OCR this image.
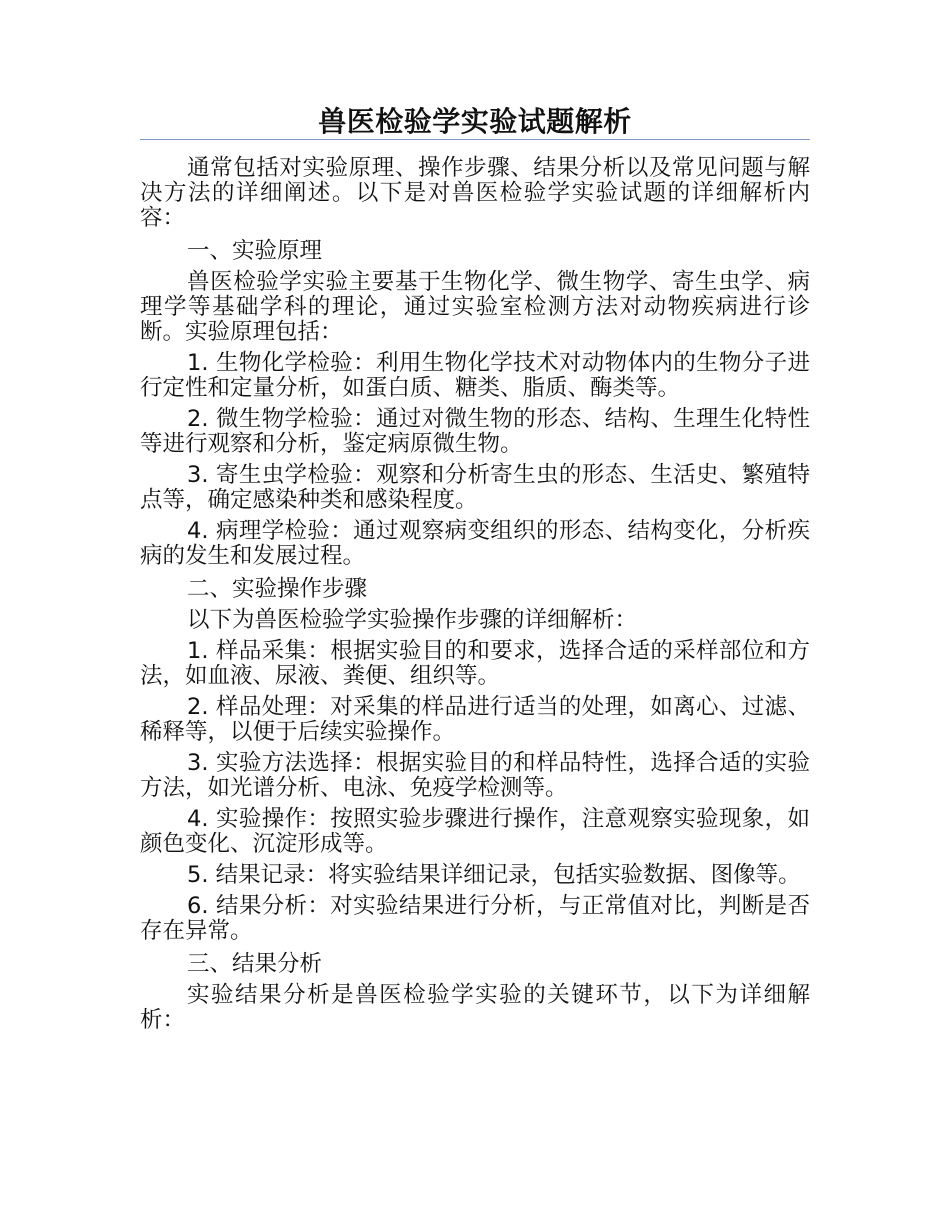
兽医检验学实验试题解析

通常包括对实验原理、操作步骤、结果分析以及常见问题与解决方法的详细阐述。以下是对兽医检验学实验试题的详细解析内容：

一、实验原理

兽医检验学实验主要基于生物化学、微生物学、寄生虫学、病理学等基础学科的理论，通过实验室检测方法对动物疾病进行诊断。实验原理包括：

1. 生物化学检验：利用生物化学技术对动物体内的生物分子进行定性和定量分析，如蛋白质、糖类、脂质、酶类等。

2. 微生物学检验：通过对微生物的形态、结构、生理生化特性等进行观察和分析，鉴定病原微生物。

3. 寄生虫学检验：观察和分析寄生虫的形态、生活史、繁殖特点等，确定感染种类和感染程度。

4. 病理学检验：通过观察病变组织的形态、结构变化，分析疾病的发生和发展过程。

二、实验操作步骤

以下为兽医检验学实验操作步骤的详细解析：

1. 样品采集：根据实验目的和要求，选择合适的采样部位和方法，如血液、尿液、粪便、组织等。

2. 样品处理：对采集的样品进行适当的处理，如离心、过滤、稀释等，以便于后续实验操作。

3. 实验方法选择：根据实验目的和样品特性，选择合适的实验方法，如光谱分析、电泳、免疫学检测等。

4. 实验操作：按照实验步骤进行操作，注意观察实验现象，如颜色变化、沉淀形成等。

5. 结果记录：将实验结果详细记录，包括实验数据、图像等。

6. 结果分析：对实验结果进行分析，与正常值对比，判断是否存在异常。

三、结果分析

实验结果分析是兽医检验学实验的关键环节，以下为详细解析：
